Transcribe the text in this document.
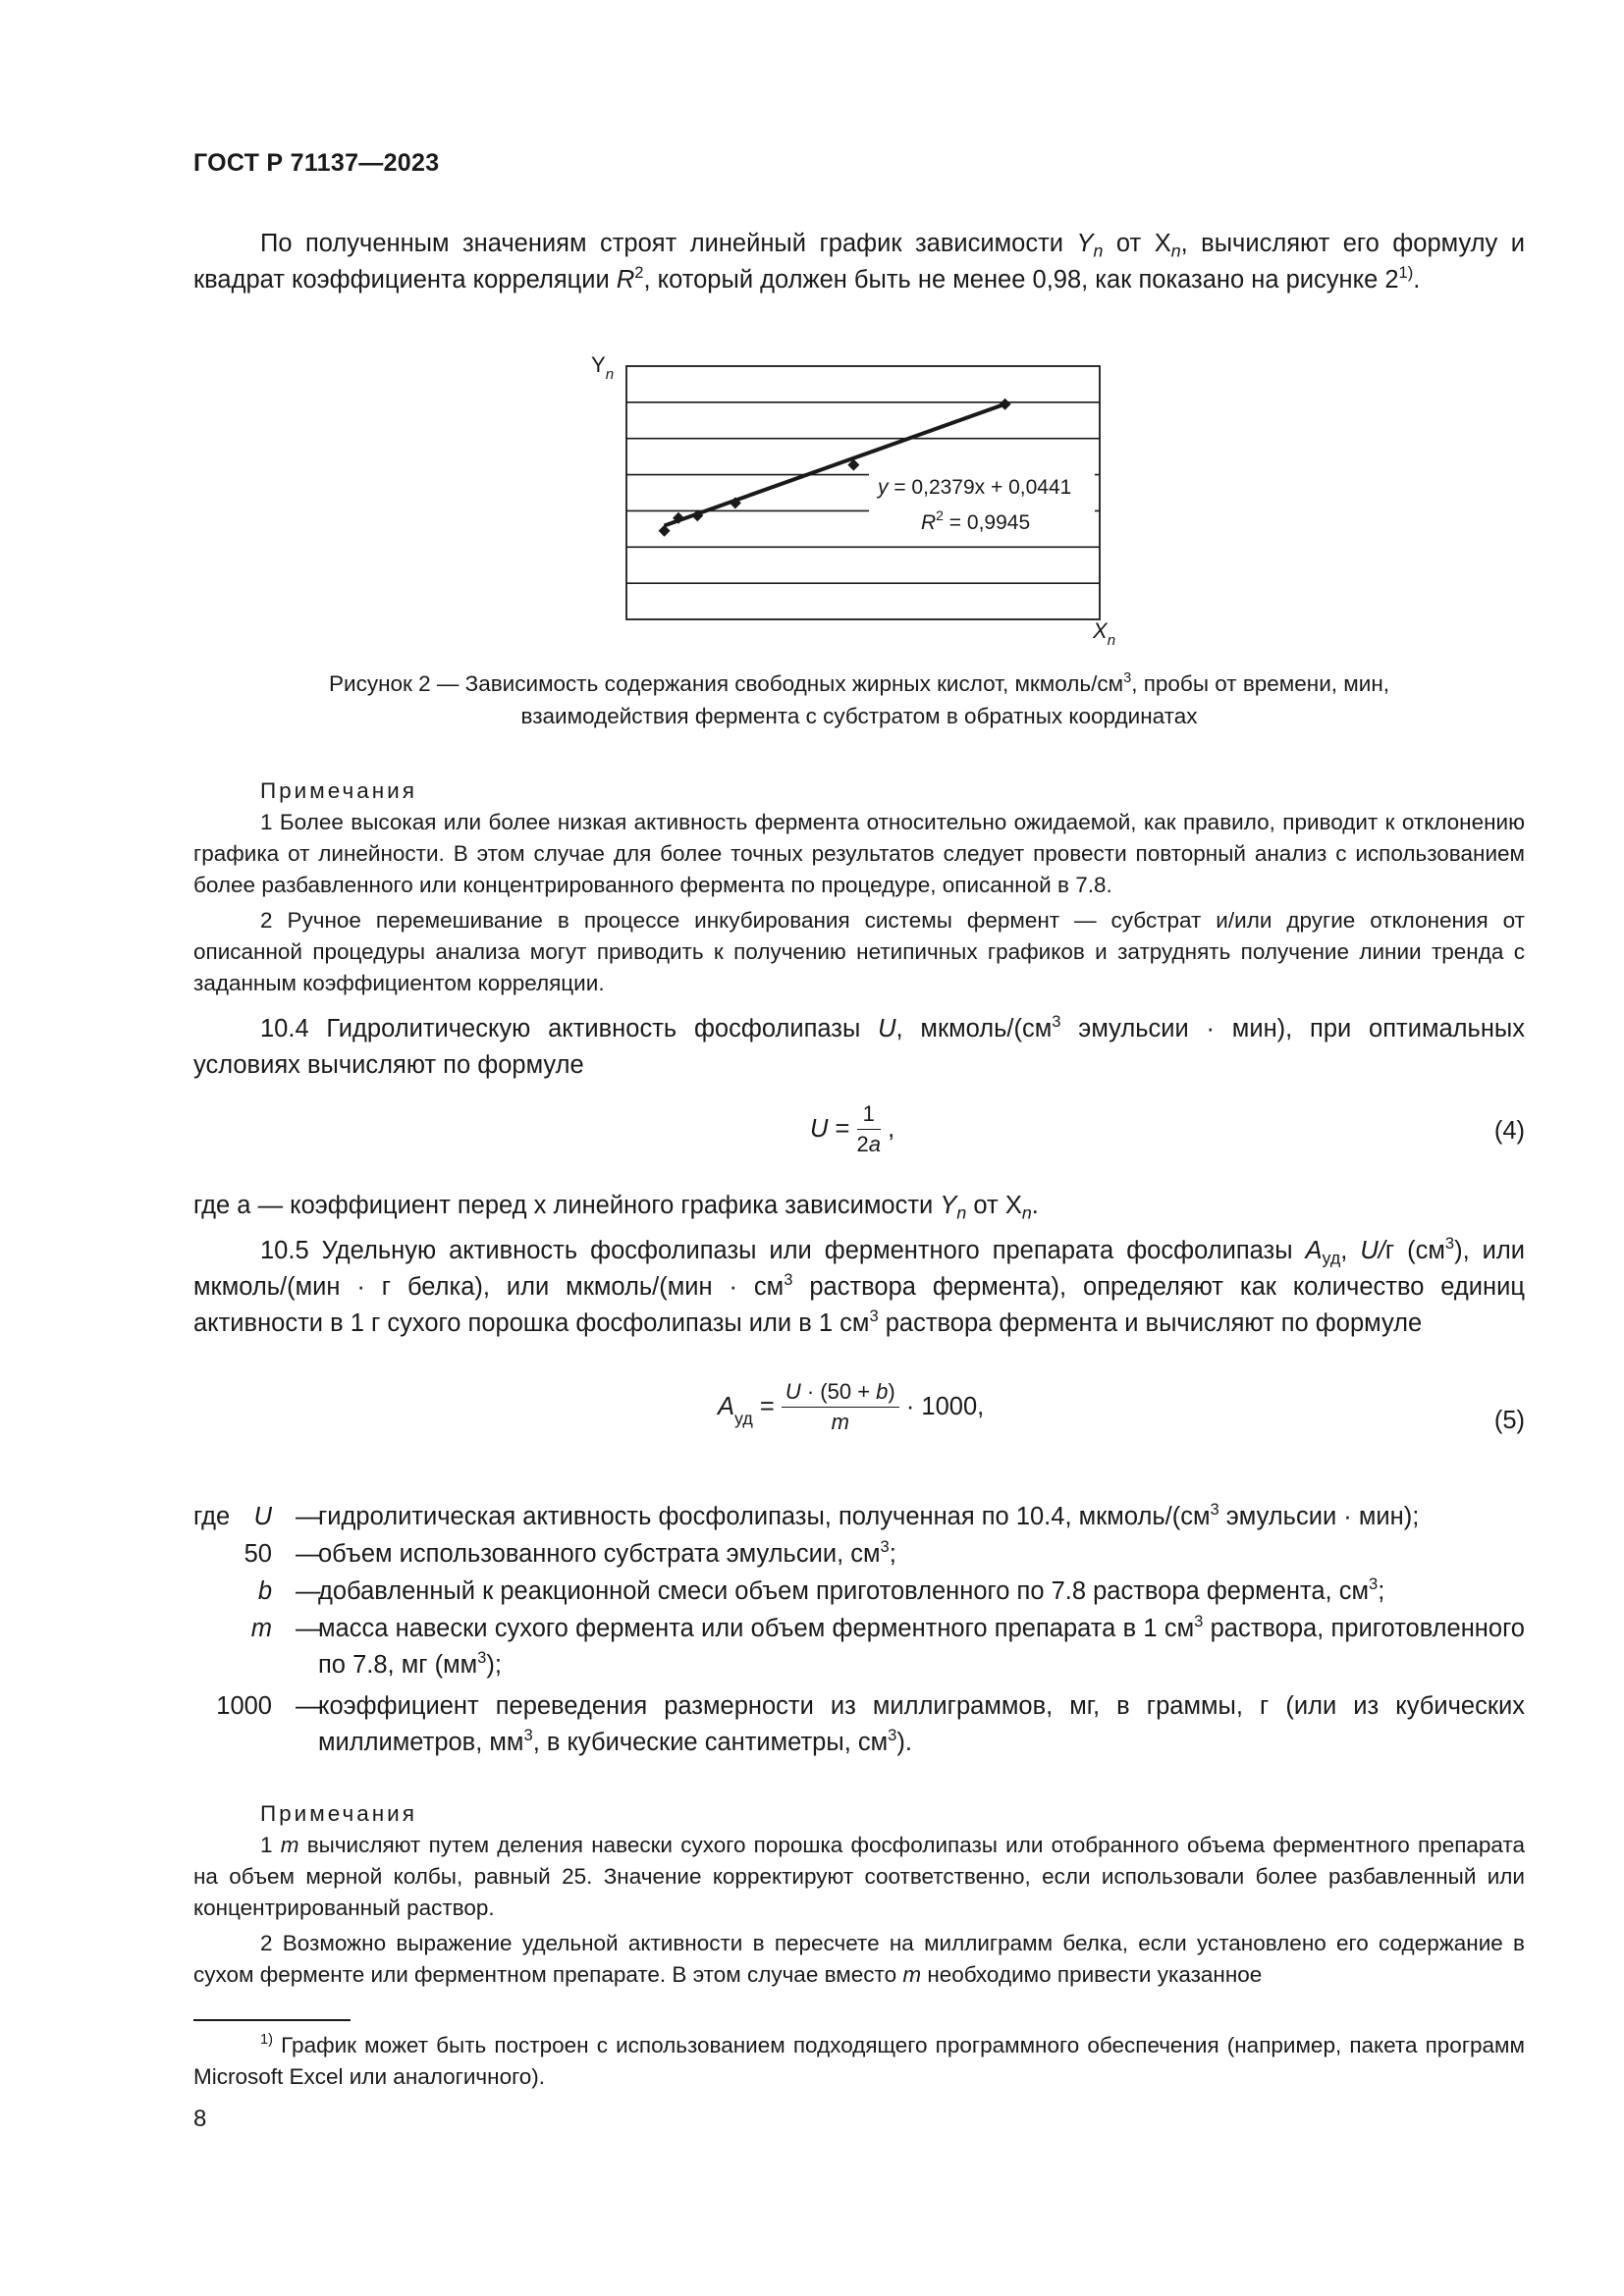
ГОСТ Р 71137—2023
По полученным значениям строят линейный график зависимости $Y_n$ от $X_n$, вычисляют его формулу и квадрат коэффициента корреляции $R^2$, который должен быть не менее 0,98, как показано на рисунке 2$^{1)}$.
y = 0,2379x + 0,0441
$R^2 = 0,9945$
$Y_n$
$X_n$
Рисунок 2 — Зависимость содержания свободных жирных кислот, мкмоль/$см^3$, пробы от времени, мин,
взаимодействия фермента с субстратом в обратных координатах
Примечания
1 Более высокая или более низкая активность фермента относительно ожидаемой, как правило, приводит к отклонению графика от линейности. В этом случае для более точных результатов следует провести повторный анализ с использованием более разбавленного или концентрированного фермента по процедуре, описанной в 7.8.
2 Ручное перемешивание в процессе инкубирования системы фермент — субстрат и/или другие отклонения от описанной процедуры анализа могут приводить к получению нетипичных графиков и затруднять получение линии тренда с заданным коэффициентом корреляции.
10.4 Гидролитическую активность фосфолипазы U, мкмоль/($см^3$ эмульсии · мин), при оптимальных условиях вычисляют по формуле
$U = \frac{1}{2a}$ ,	(4)
где а — коэффициент перед х линейного графика зависимости $Y_n$ от $Х_n$.
10.5 Удельную активность фосфолипазы или ферментного препарата фосфолипазы $A_{уд}$, U/г $(см^3)$, или мкмоль/(мин · г белка), или мкмоль/(мин · $см^3$ раствора фермента), определяют как количество единиц активности в 1 г сухого порошка фосфолипазы или в 1 $см^3$ раствора фермента и вычисляют по формуле
$A_{уд} = \frac{U \cdot (50 + b)}{m} \cdot 1000$,	(5)
где U —
гидролитическая активность фосфолипазы, полученная по 10.4, мкмоль/($см^3$ эмульсии · мин);
50 —
объем использованного субстрата эмульсии, $см^3$;
b —
добавленный к реакционной смеси объем приготовленного по 7.8 раствора фермента, $см^3$;
m —
масса навески сухого фермента или объем ферментного препарата в 1 $см^3$ раствора, приготовленного по 7.8, мг $(мм^3)$;
1000 —
коэффициент переведения размерности из миллиграммов, мг, в граммы, г (или из кубических миллиметров, $мм^3$, в кубические сантиметры, $см^3$).
Примечания
1 m вычисляют путем деления навески сухого порошка фосфолипазы или отобранного объема ферментного препарата на объем мерной колбы, равный 25. Значение корректируют соответственно, если использовали более разбавленный или концентрированный раствор.
2 Возможно выражение удельной активности в пересчете на миллиграмм белка, если установлено его содержание в сухом ферменте или ферментном препарате. В этом случае вместо m необходимо привести указанное
$^{1)}$ График может быть построен с использованием подходящего программного обеспечения (например, пакета программ Microsoft Excel или аналогичного).
8
